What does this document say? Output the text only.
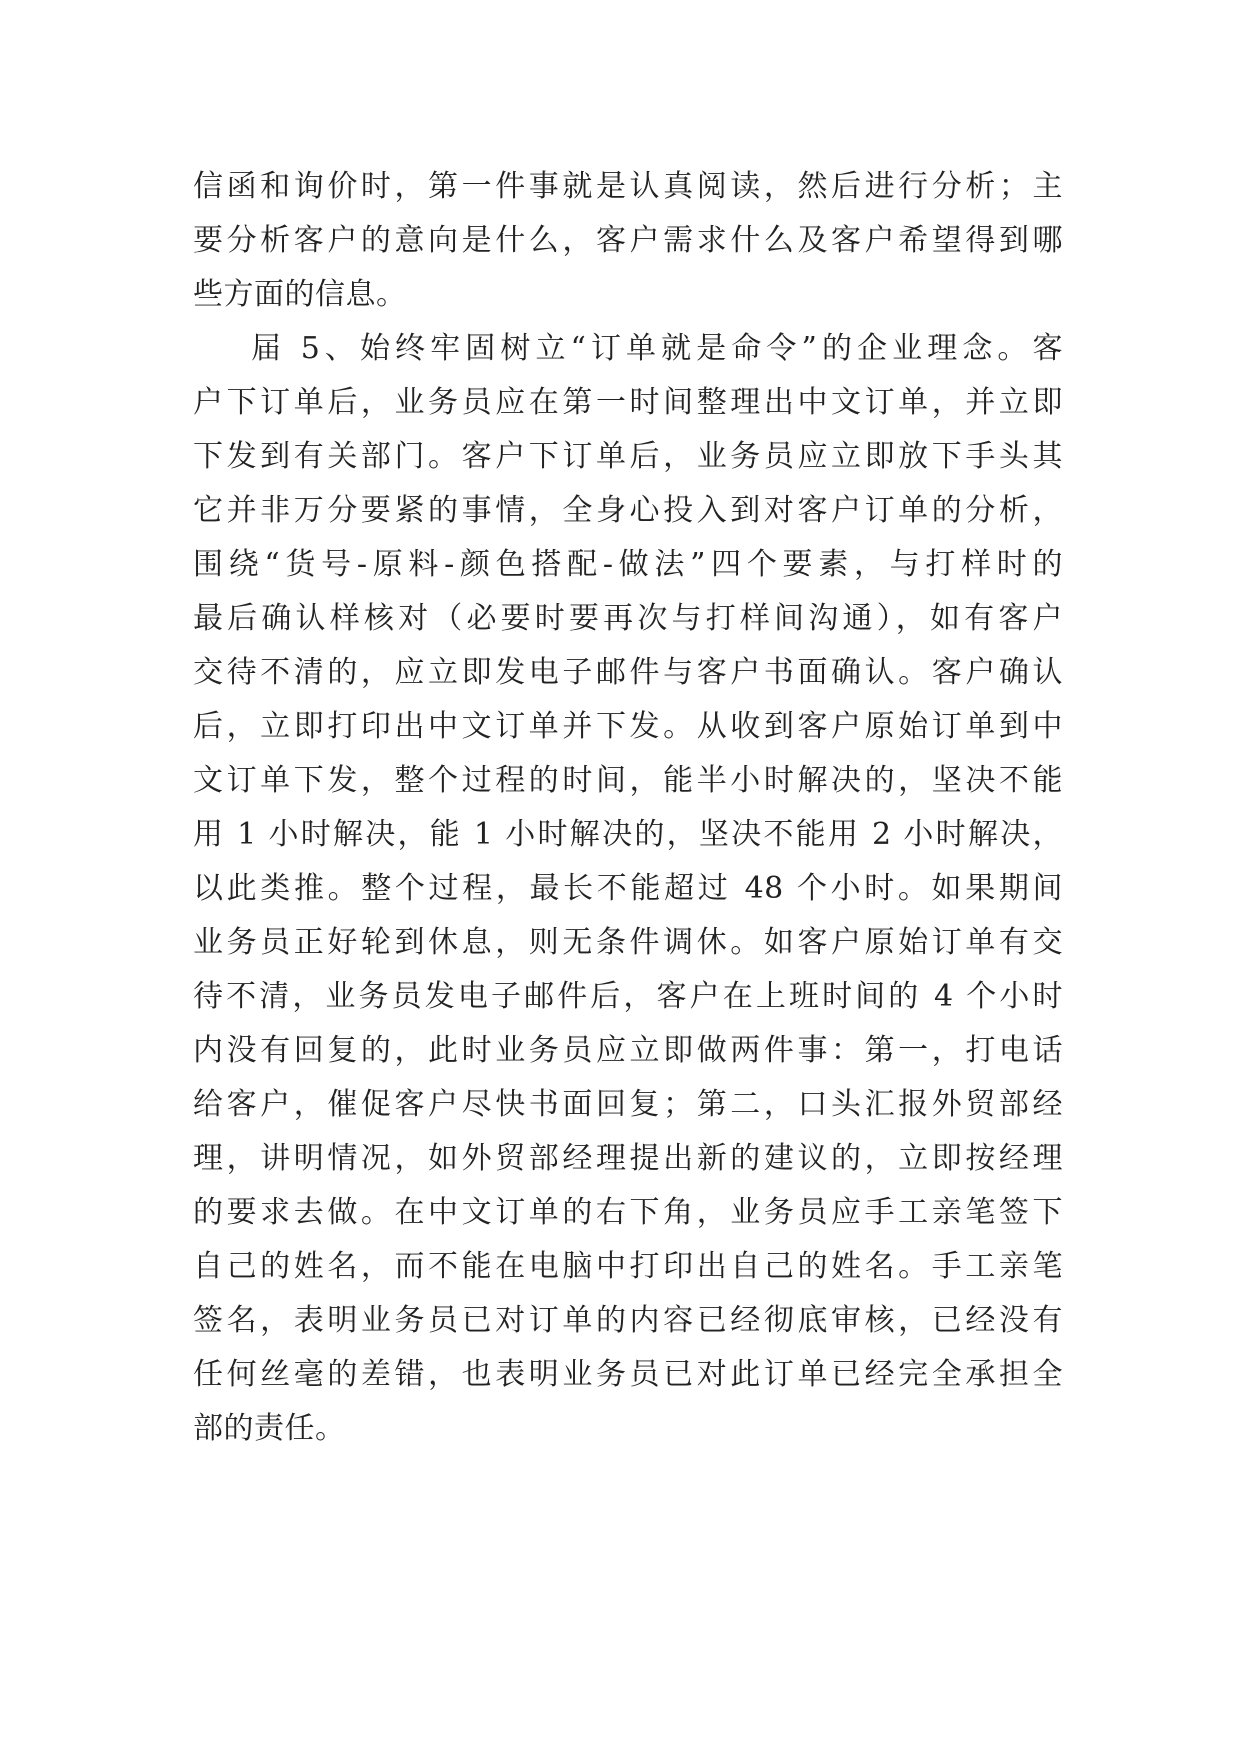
信函和询价时，第一件事就是认真阅读，然后进行分析；主
要分析客户的意向是什么，客户需求什么及客户希望得到哪
些方面的信息。
届 5、始终牢固树立“订单就是命令”的企业理念。客
户下订单后，业务员应在第一时间整理出中文订单，并立即
下发到有关部门。客户下订单后，业务员应立即放下手头其
它并非万分要紧的事情，全身心投入到对客户订单的分析，
围绕“货号-原料-颜色搭配-做法”四个要素，与打样时的
最后确认样核对（必要时要再次与打样间沟通），如有客户
交待不清的，应立即发电子邮件与客户书面确认。客户确认
后，立即打印出中文订单并下发。从收到客户原始订单到中
文订单下发，整个过程的时间，能半小时解决的，坚决不能
用 1 小时解决，能 1 小时解决的，坚决不能用 2 小时解决，
以此类推。整个过程，最长不能超过 48 个小时。如果期间
业务员正好轮到休息，则无条件调休。如客户原始订单有交
待不清，业务员发电子邮件后，客户在上班时间的 4 个小时
内没有回复的，此时业务员应立即做两件事：第一，打电话
给客户，催促客户尽快书面回复；第二，口头汇报外贸部经
理，讲明情况，如外贸部经理提出新的建议的，立即按经理
的要求去做。在中文订单的右下角，业务员应手工亲笔签下
自己的姓名，而不能在电脑中打印出自己的姓名。手工亲笔
签名，表明业务员已对订单的内容已经彻底审核，已经没有
任何丝毫的差错，也表明业务员已对此订单已经完全承担全
部的责任。
